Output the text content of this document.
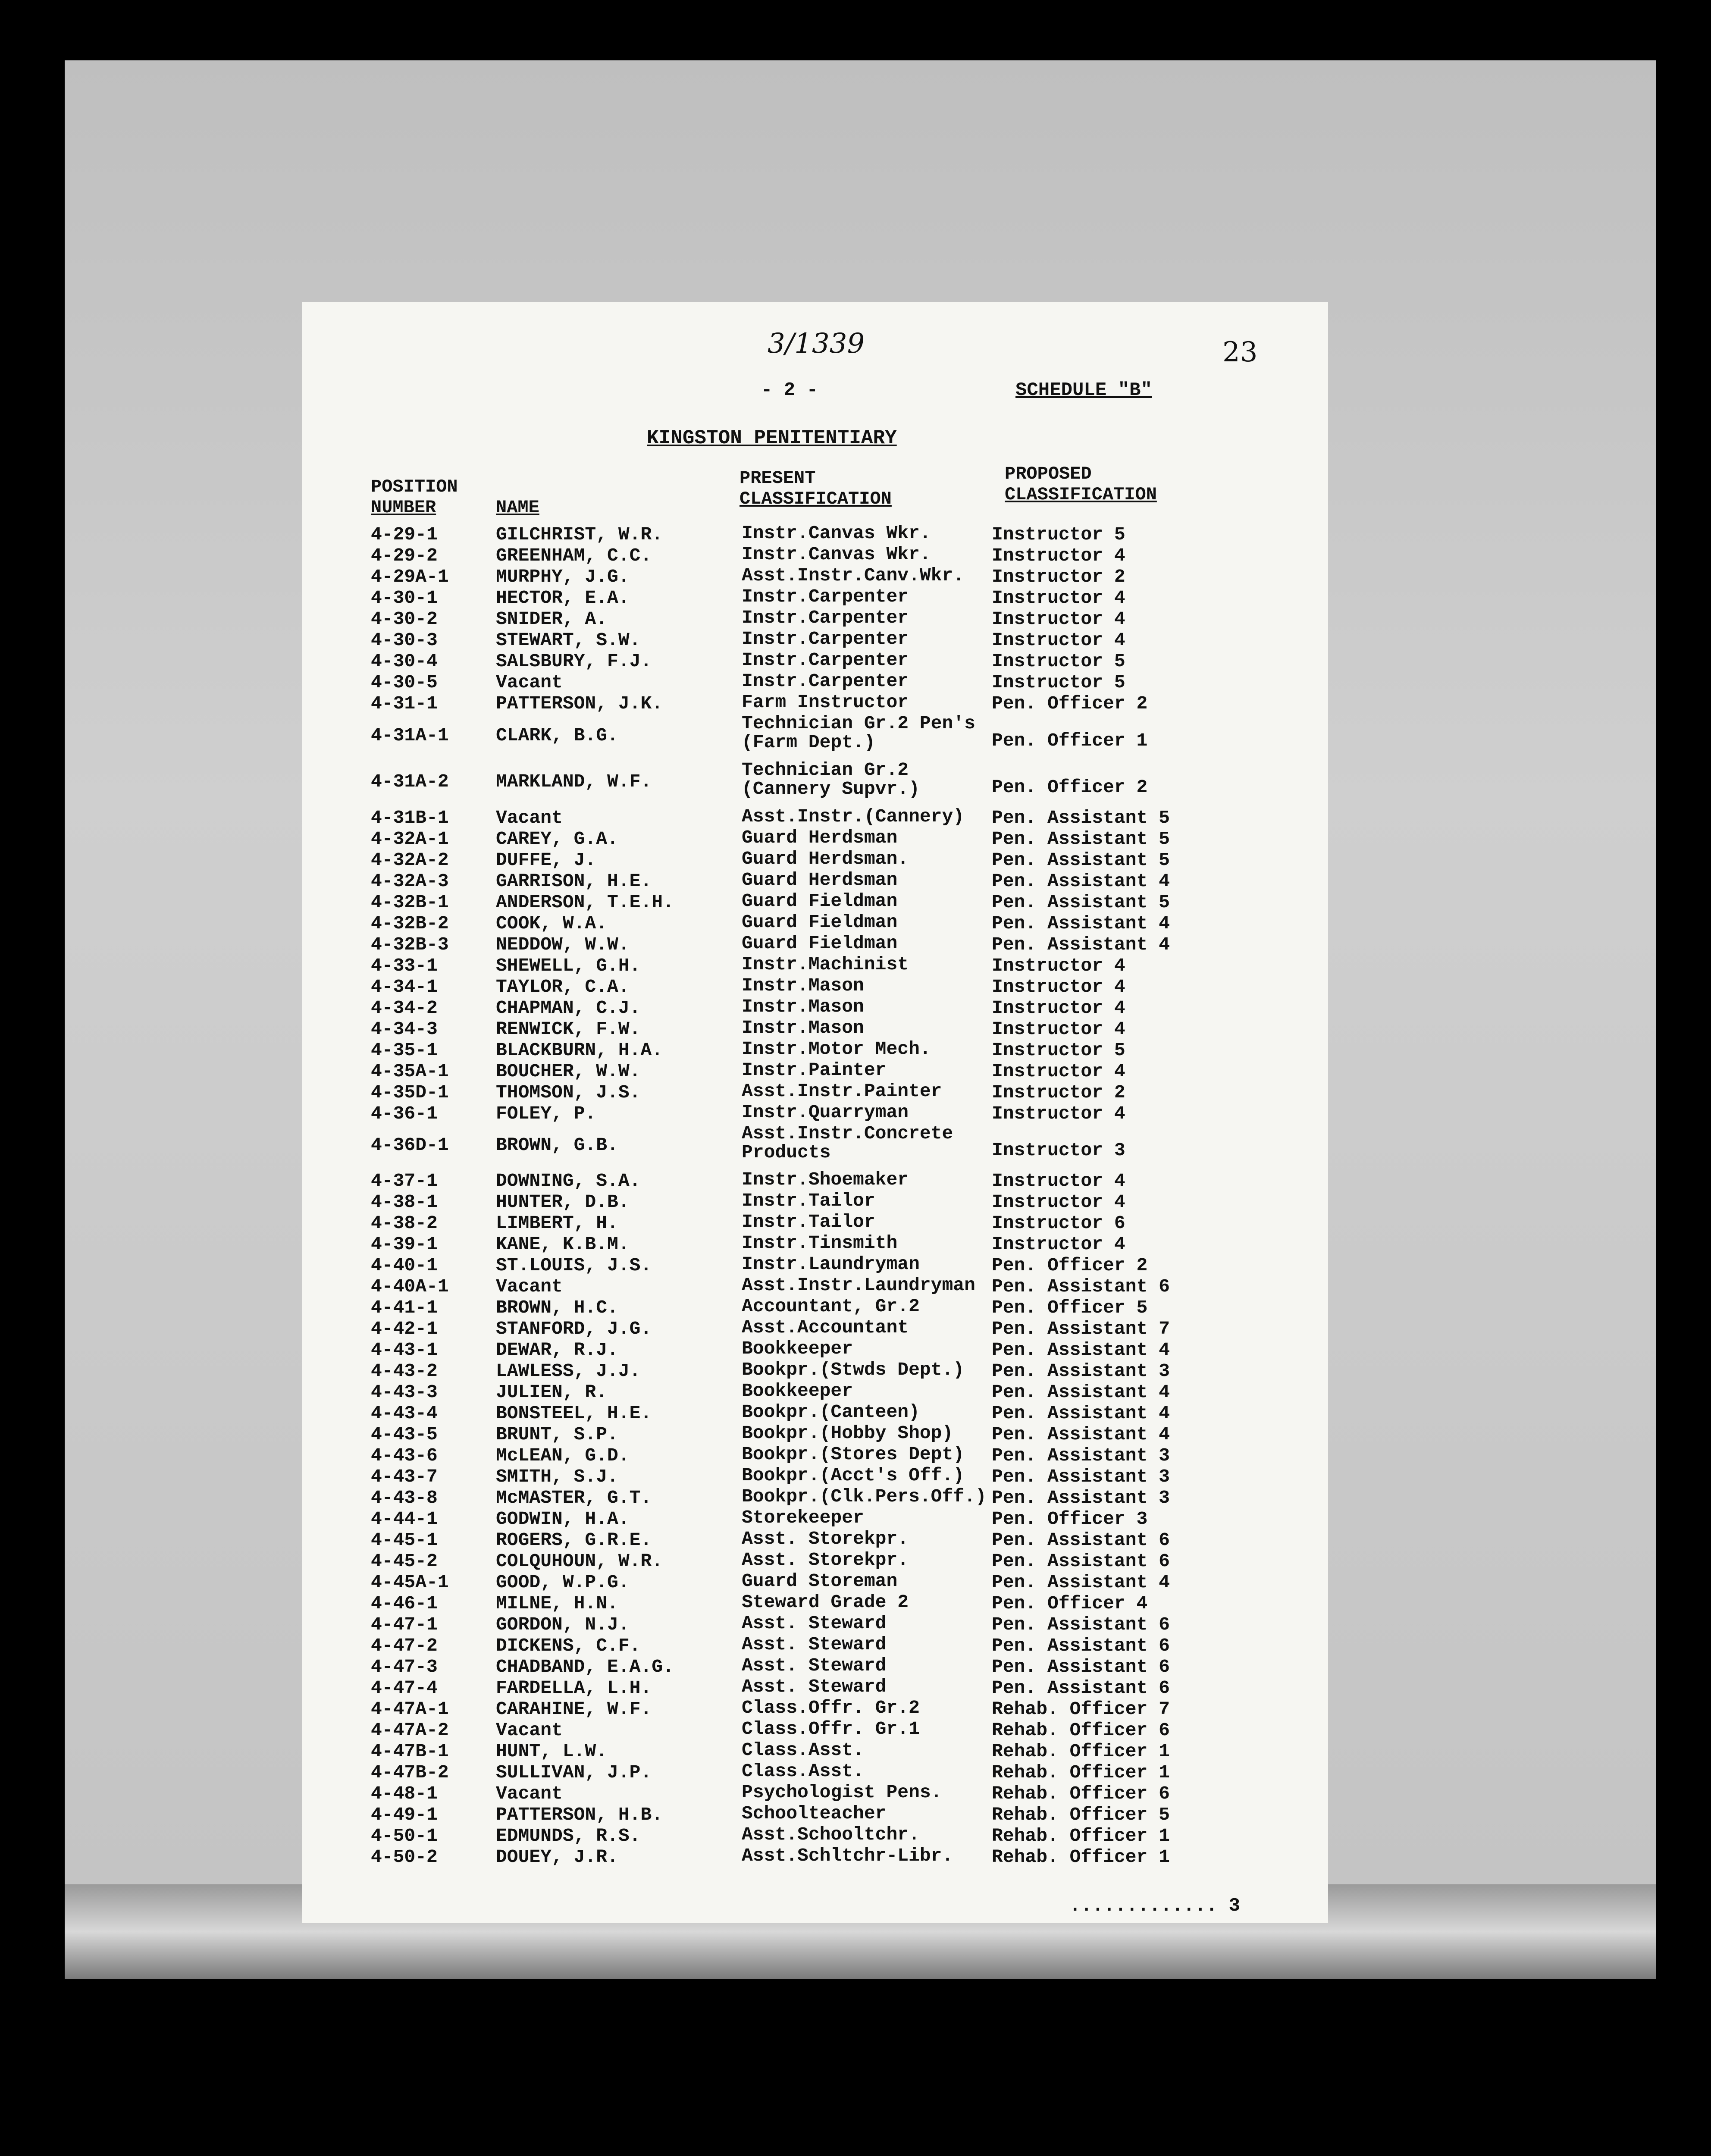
3/1339	23
- 2 -	SCHEDULE "B"
KINGSTON PENITENTIARY
POSITION
NUMBER	NAME
PRESENT
CLASSIFICATION
PROPOSED
CLASSIFICATION
4-29-1	GILCHRIST, W.R.	Instr.Canvas Wkr.	Instructor 5
4-29-2	GREENHAM, C.C.	Instr.Canvas Wkr.	Instructor 4
4-29A-1	MURPHY, J.G.	Asst.Instr.Canv.Wkr. Instructor 2
4-30-1	HECTOR, E.A.	Instr.Carpenter	Instructor 4
4-30-2	SNIDER, A.	Instr.Carpenter	Instructor 4
4-30-3	STEWART, S.W.	Instr.Carpenter	Instructor 4
4-30-4	SALSBURY, F.J.	Instr.Carpenter	Instructor 5
4-30-5	Vacant	Instr.Carpenter	Instructor 5
4-31-1	PATTERSON, J.K.	Farm Instructor	Pen. Officer 2
4-31A-1	CLARK, B.G.
Technician Gr.2 Pen's
(Farm Dept.)	Pen. Officer 1
4-31A-2	MARKLAND, W.F.
Technician Gr.2
(Cannery Supvr.)	Pen. Officer 2
4-31B-1	Vacant	Asst.Instr.(Cannery) Pen. Assistant 5
4-32A-1	CAREY, G.A.	Guard Herdsman	Pen. Assistant 5
4-32A-2	DUFFE, J.	Guard Herdsman.	Pen. Assistant 5
4-32A-3	GARRISON, H.E.	Guard Herdsman	Pen. Assistant 4
4-32B-1	ANDERSON, T.E.H.	Guard Fieldman	Pen. Assistant 5
4-32B-2	COOK, W.A.	Guard Fieldman	Pen. Assistant 4
4-32B-3	NEDDOW, W.W.	Guard Fieldman	Pen. Assistant 4
4-33-1	SHEWELL, G.H.	Instr.Machinist	Instructor 4
4-34-1	TAYLOR, C.A.	Instr.Mason	Instructor 4
4-34-2	CHAPMAN, C.J.	Instr.Mason	Instructor 4
4-34-3	RENWICK, F.W.	Instr.Mason	Instructor 4
4-35-1	BLACKBURN, H.A.	Instr.Motor Mech.	Instructor 5
4-35A-1	BOUCHER, W.W.	Instr.Painter	Instructor 4
4-35D-1	THOMSON, J.S.	Asst.Instr.Painter	Instructor 2
4-36-1	FOLEY, P.	Instr.Quarryman	Instructor 4
4-36D-1	BROWN, G.B.
Asst.Instr.Concrete
Products	Instructor 3
4-37-1	DOWNING, S.A.	Instr.Shoemaker	Instructor 4
4-38-1	HUNTER, D.B.	Instr.Tailor	Instructor 4
4-38-2	LIMBERT, H.	Instr.Tailor	Instructor 6
4-39-1	KANE, K.B.M.	Instr.Tinsmith	Instructor 4
4-40-1	ST.LOUIS, J.S.	Instr.Laundryman	Pen. Officer 2
4-40A-1	Vacant	Asst.Instr.Laundryman Pen. Assistant 6
4-41-1	BROWN, H.C.	Accountant, Gr.2	Pen. Officer 5
4-42-1	STANFORD, J.G.	Asst.Accountant	Pen. Assistant 7
4-43-1	DEWAR, R.J.	Bookkeeper	Pen. Assistant 4
4-43-2	LAWLESS, J.J.	Bookpr.(Stwds Dept.) Pen. Assistant 3
4-43-3	JULIEN, R.	Bookkeeper	Pen. Assistant 4
4-43-4	BONSTEEL, H.E.	Bookpr.(Canteen)	Pen. Assistant 4
4-43-5	BRUNT, S.P.	Bookpr.(Hobby Shop) Pen. Assistant 4
4-43-6	McLEAN, G.D.	Bookpr.(Stores Dept) Pen. Assistant 3
4-43-7	SMITH, S.J.	Bookpr.(Acct's Off.) Pen. Assistant 3
4-43-8	McMASTER, G.T.	Bookpr.(Clk.Pers.Off.) Pen. Assistant 3
4-44-1	GODWIN, H.A.	Storekeeper	Pen. Officer 3
4-45-1	ROGERS, G.R.E.	Asst. Storekpr.	Pen. Assistant 6
4-45-2	COLQUHOUN, W.R.	Asst. Storekpr.	Pen. Assistant 6
4-45A-1	GOOD, W.P.G.	Guard Storeman	Pen. Assistant 4
4-46-1	MILNE, H.N.	Steward Grade 2	Pen. Officer 4
4-47-1	GORDON, N.J.	Asst. Steward	Pen. Assistant 6
4-47-2	DICKENS, C.F.	Asst. Steward	Pen. Assistant 6
4-47-3	CHADBAND, E.A.G.	Asst. Steward	Pen. Assistant 6
4-47-4	FARDELLA, L.H.	Asst. Steward	Pen. Assistant 6
4-47A-1	CARAHINE, W.F.	Class.Offr. Gr.2	Rehab. Officer 7
4-47A-2	Vacant	Class.Offr. Gr.1	Rehab. Officer 6
4-47B-1	HUNT, L.W.	Class.Asst.	Rehab. Officer 1
4-47B-2	SULLIVAN, J.P.	Class.Asst.	Rehab. Officer 1
4-48-1	Vacant	Psychologist Pens.	Rehab. Officer 6
4-49-1	PATTERSON, H.B.	Schoolteacher	Rehab. Officer 5
4-50-1	EDMUNDS, R.S.	Asst.Schooltchr.	Rehab. Officer 1
4-50-2	DOUEY, J.R.	Asst.Schltchr-Libr. Rehab. Officer 1
............. 3
